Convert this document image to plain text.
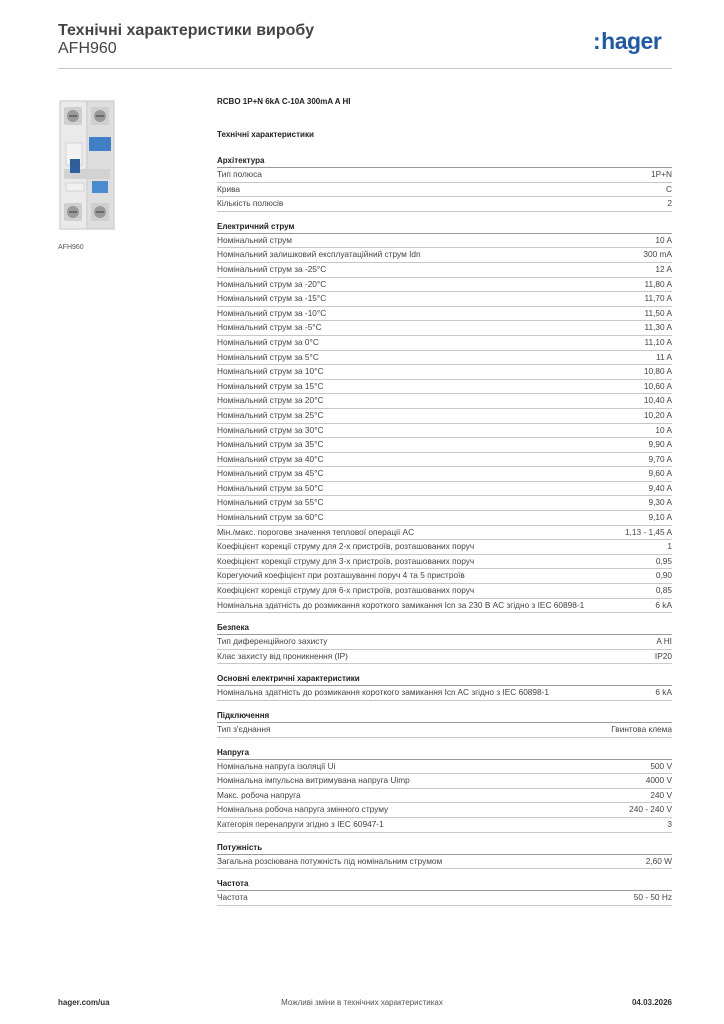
Технічні характеристики виробу
AFH960	:hager
AFH960
RCBO 1P+N 6kA C-10A 300mA A HI
Технічні характеристики
Архітектура
Тип полюса	1P+N
Крива	C
Кількість полюсів	2
Електричний струм
Номінальний струм	10 A
Номінальний залишковий експлуатаційний струм Idn	300 mA
Номінальний струм за -25°C	12 A
Номінальний струм за -20°C	11,80 A
Номінальний струм за -15°C	11,70 A
Номінальний струм за -10°C	11,50 A
Номінальний струм за -5°C	11,30 A
Номінальний струм за 0°C	11,10 A
Номінальний струм за 5°C	11 A
Номінальний струм за 10°C	10,80 A
Номінальний струм за 15°C	10,60 A
Номінальний струм за 20°C	10,40 A
Номінальний струм за 25°C	10,20 A
Номінальний струм за 30°C	10 A
Номінальний струм за 35°C	9,90 A
Номінальний струм за 40°C	9,70 A
Номінальний струм за 45°C	9,60 A
Номінальний струм за 50°C	9,40 A
Номінальний струм за 55°C	9,30 A
Номінальний струм за 60°C	9,10 A
Мін./макс. порогове значення теплової операції AC	1,13 - 1,45 A
Коефіцієнт корекції струму для 2-х пристроїв, розташованих поруч	1
Коефіцієнт корекції струму для 3-х пристроїв, розташованих поруч	0,95
Корегуючий коефіцієнт при розташуванні поруч 4 та 5 пристроїв	0,90
Коефіцієнт корекції струму для 6-х пристроїв, розташованих поруч	0,85
Номінальна здатність до розмикання короткого замикання Icn за 230 В AC згідно з IEC 60898-1	6 kA
Безпека
Тип диференційного захисту	A HI
Клас захисту від проникнення (IP)	IP20
Основні електричні характеристики
Номінальна здатність до розмикання короткого замикання Icn AC згідно з IEC 60898-1	6 kA
Підключення
Тип з'єднання	Гвинтова клема
Напруга
Номінальна напруга ізоляції Ui	500 V
Номінальна імпульсна витримувана напруга Uimp	4000 V
Макс. робоча напруга	240 V
Номінальна робоча напруга змінного струму	240 - 240 V
Категорія перенапруги згідно з IEC 60947-1	3
Потужність
Загальна розсіювана потужність під номінальним струмом	2,60 W
Частота
Частота	50 - 50 Hz
hager.com/ua	Можливі зміни в технічних характеристиках	04.03.2026
